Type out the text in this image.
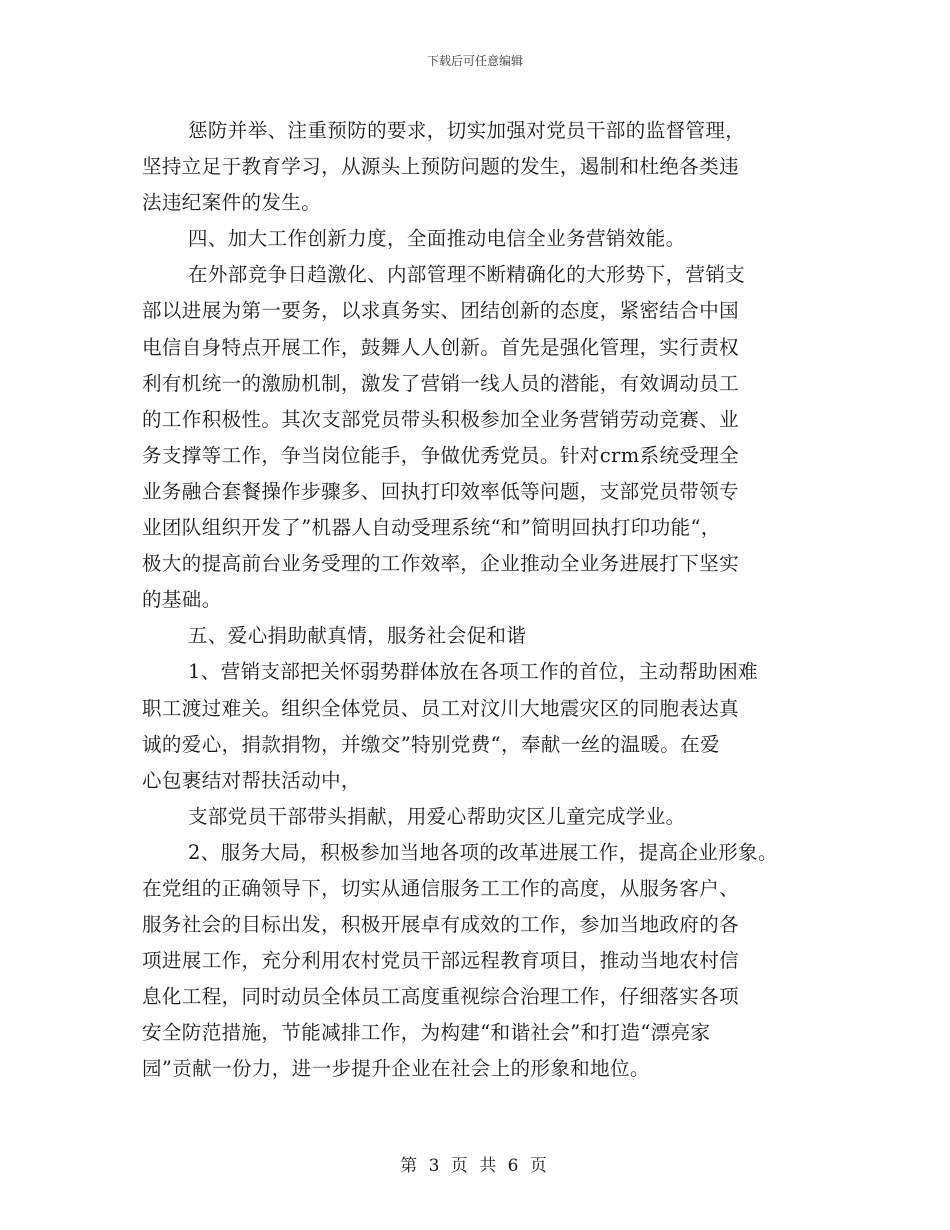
下载后可任意编辑
惩防并举、注重预防的要求，切实加强对党员干部的监督管理，
坚持立足于教育学习，从源头上预防问题的发生，遏制和杜绝各类违
法违纪案件的发生。
四、加大工作创新力度，全面推动电信全业务营销效能。
在外部竞争日趋激化、内部管理不断精确化的大形势下，营销支
部以进展为第一要务，以求真务实、团结创新的态度，紧密结合中国
电信自身特点开展工作，鼓舞人人创新。首先是强化管理，实行责权
利有机统一的激励机制，激发了营销一线人员的潜能，有效调动员工
的工作积极性。其次支部党员带头积极参加全业务营销劳动竞赛、业
务支撑等工作，争当岗位能手，争做优秀党员。针对crm系统受理全
业务融合套餐操作步骤多、回执打印效率低等问题，支部党员带领专
业团队组织开发了”机器人自动受理系统“和”简明回执打印功能“，
极大的提高前台业务受理的工作效率，企业推动全业务进展打下坚实
的基础。
五、爱心捐助献真情，服务社会促和谐
1、营销支部把关怀弱势群体放在各项工作的首位，主动帮助困难
职工渡过难关。组织全体党员、员工对汶川大地震灾区的同胞表达真
诚的爱心，捐款捐物，并缴交”特别党费“，奉献一丝的温暖。在爱
心包裹结对帮扶活动中，
支部党员干部带头捐献，用爱心帮助灾区儿童完成学业。
2、服务大局，积极参加当地各项的改革进展工作，提高企业形象。
在党组的正确领导下，切实从通信服务工工作的高度，从服务客户、
服务社会的目标出发，积极开展卓有成效的工作，参加当地政府的各
项进展工作，充分利用农村党员干部远程教育项目，推动当地农村信
息化工程，同时动员全体员工高度重视综合治理工作，仔细落实各项
安全防范措施，节能减排工作，为构建“和谐社会”和打造“漂亮家
园”贡献一份力，进一步提升企业在社会上的形象和地位。
第 3 页 共 6 页
